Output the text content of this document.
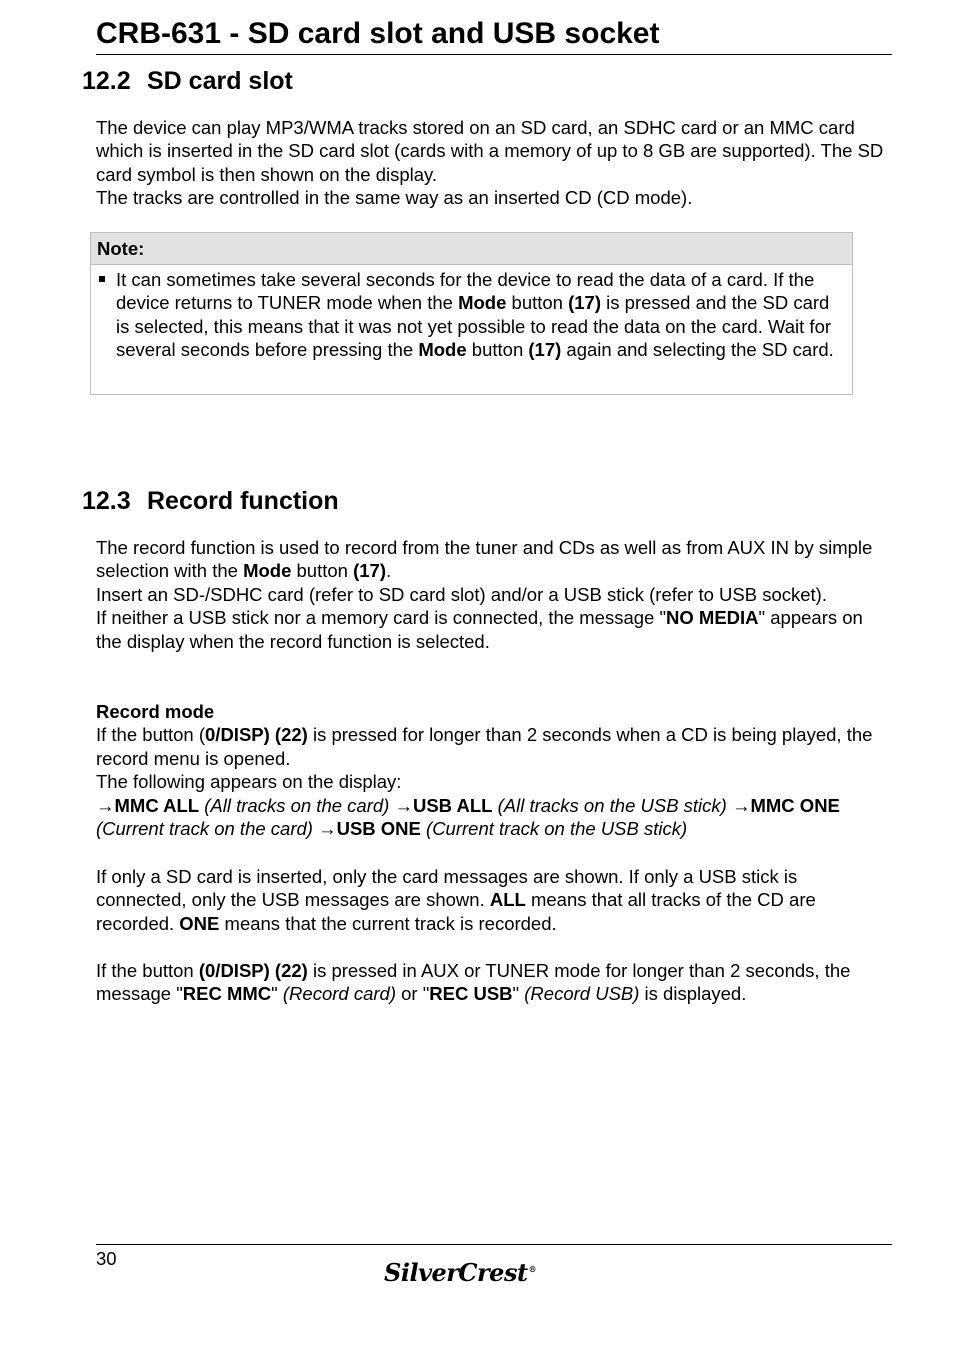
CRB-631 - SD card slot and USB socket
12.2 SD card slot
The device can play MP3/WMA tracks stored on an SD card, an SDHC card or an MMC card which is inserted in the SD card slot (cards with a memory of up to 8 GB are supported). The SD card symbol is then shown on the display.
The tracks are controlled in the same way as an inserted CD (CD mode).
Note:
It can sometimes take several seconds for the device to read the data of a card. If the device returns to TUNER mode when the Mode button (17) is pressed and the SD card is selected, this means that it was not yet possible to read the data on the card. Wait for several seconds before pressing the Mode button (17) again and selecting the SD card.
12.3 Record function
The record function is used to record from the tuner and CDs as well as from AUX IN by simple selection with the Mode button (17).
Insert an SD-/SDHC card (refer to SD card slot) and/or a USB stick (refer to USB socket).
If neither a USB stick nor a memory card is connected, the message "NO MEDIA" appears on the display when the record function is selected.
Record mode
If the button (0/DISP) (22) is pressed for longer than 2 seconds when a CD is being played, the record menu is opened.
The following appears on the display:
→MMC ALL (All tracks on the card) →USB ALL (All tracks on the USB stick) →MMC ONE (Current track on the card) →USB ONE (Current track on the USB stick)
If only a SD card is inserted, only the card messages are shown. If only a USB stick is connected, only the USB messages are shown. ALL means that all tracks of the CD are recorded. ONE means that the current track is recorded.
If the button (0/DISP) (22) is pressed in AUX or TUNER mode for longer than 2 seconds, the message "REC MMC" (Record card) or "REC USB" (Record USB) is displayed.
30	SilverCrest®
